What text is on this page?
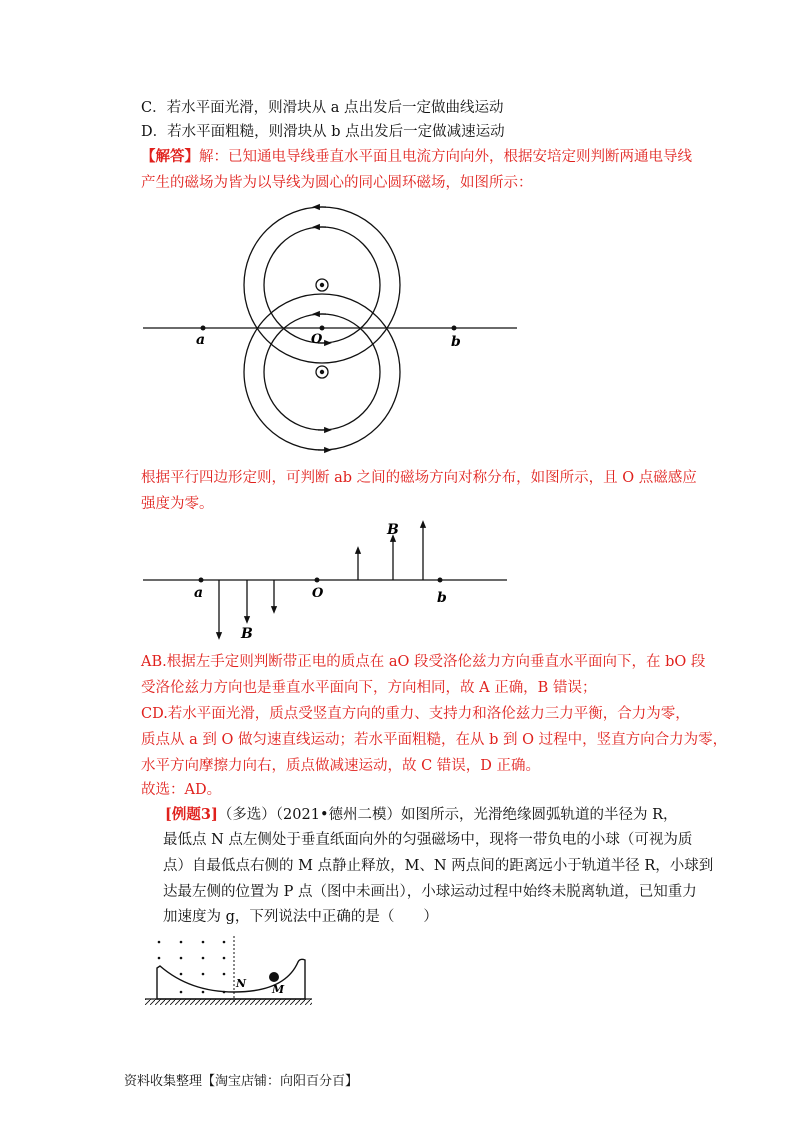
C．若水平面光滑，则滑块从 a 点出发后一定做曲线运动
D．若水平面粗糙，则滑块从 b 点出发后一定做减速运动
【解答】解：已知通电导线垂直水平面且电流方向向外，根据安培定则判断两通电导线
产生的磁场为皆为以导线为圆心的同心圆环磁场，如图所示：
a	O	b
根据平行四边形定则，可判断 ab 之间的磁场方向对称分布，如图所示，且 O 点磁感应
强度为零。
B
B
a	O	b
AB.根据左手定则判断带正电的质点在 aO 段受洛伦兹力方向垂直水平面向下，在 bO 段
受洛伦兹力方向也是垂直水平面向下，方向相同，故 A 正确，B 错误；
CD.若水平面光滑，质点受竖直方向的重力、支持力和洛伦兹力三力平衡，合力为零，
质点从 a 到 O 做匀速直线运动；若水平面粗糙，在从 b 到 O 过程中，竖直方向合力为零，
水平方向摩擦力向右，质点做减速运动，故 C 错误，D 正确。
故选：AD。
[例题3]（多选）（2021•德州二模）如图所示，光滑绝缘圆弧轨道的半径为 R，
最低点 N 点左侧处于垂直纸面向外的匀强磁场中，现将一带负电的小球（可视为质
点）自最低点右侧的 M 点静止释放，M、N 两点间的距离远小于轨道半径 R，小球到
达最左侧的位置为 P 点（图中未画出），小球运动过程中始终未脱离轨道，已知重力
加速度为 g，下列说法中正确的是（　　）
N M
资料收集整理【淘宝店铺：向阳百分百】
